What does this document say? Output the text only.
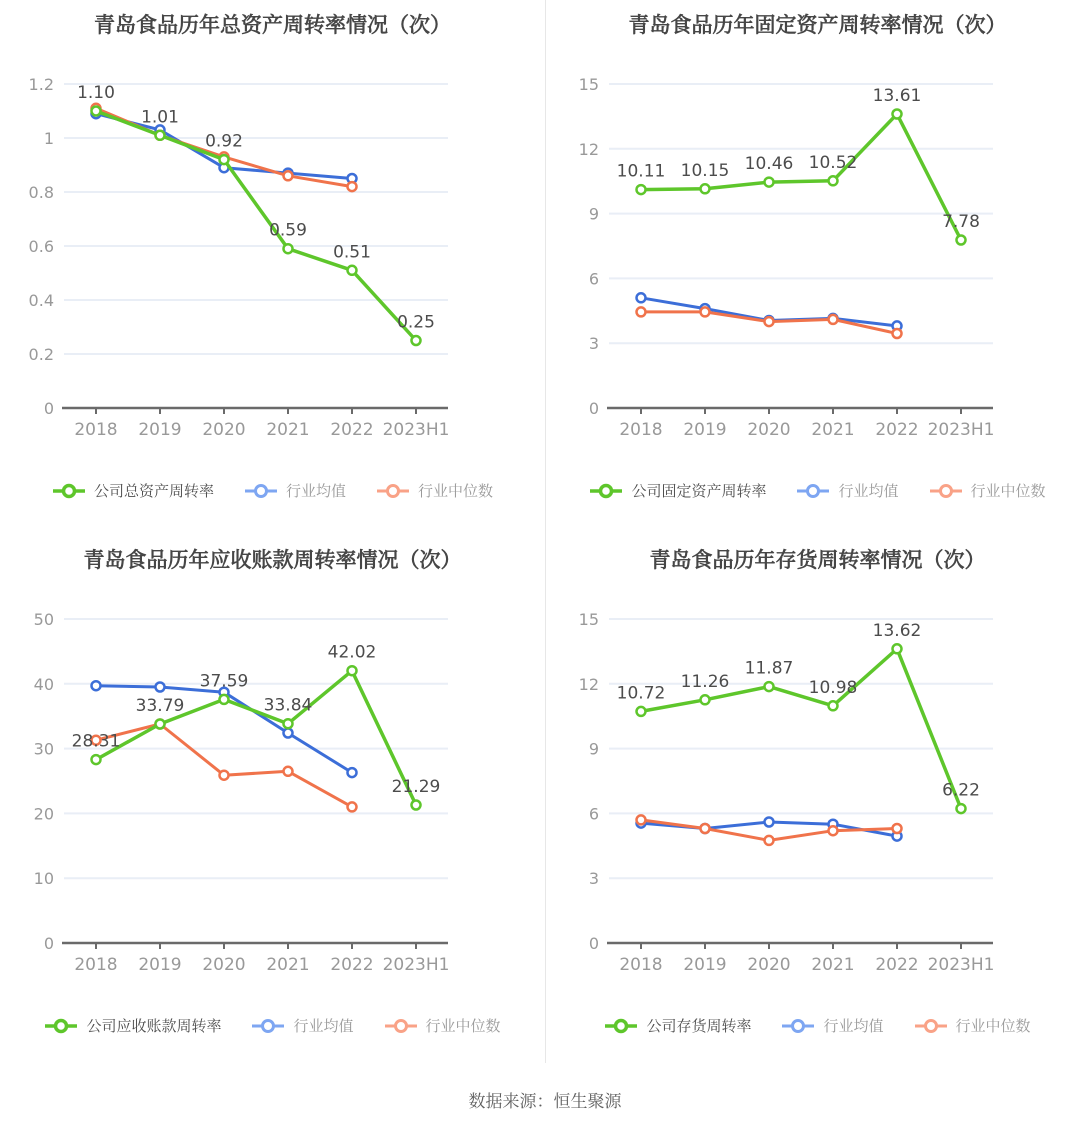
青岛食品历年总资产周转率情况（次）
0
0.2
0.4
0.6
0.8
1
1.2
2018 2019 2020 2021 2022 2023H1
1.10
1.01
0.92
0.59
0.51
0.25
公司总资产周转率	行业均值	行业中位数
青岛食品历年固定资产周转率情况（次）
0
3
6
9
12
15
2018 2019 2020 2021 2022 2023H1
10.11 10.15 10.46 10.52
13.61
7.78
公司固定资产周转率	行业均值	行业中位数
青岛食品历年应收账款周转率情况（次）
0
10
20
30
40
50
2018 2019 2020 2021 2022 2023H1
28.31
33.79
37.59
33.84
42.02
21.29
公司应收账款周转率	行业均值	行业中位数
青岛食品历年存货周转率情况（次）
0
3
6
9
12
15
2018 2019 2020 2021 2022 2023H1
10.72
11.26
11.87
10.98
13.62
6.22
公司存货周转率	行业均值	行业中位数
数据来源：恒生聚源
